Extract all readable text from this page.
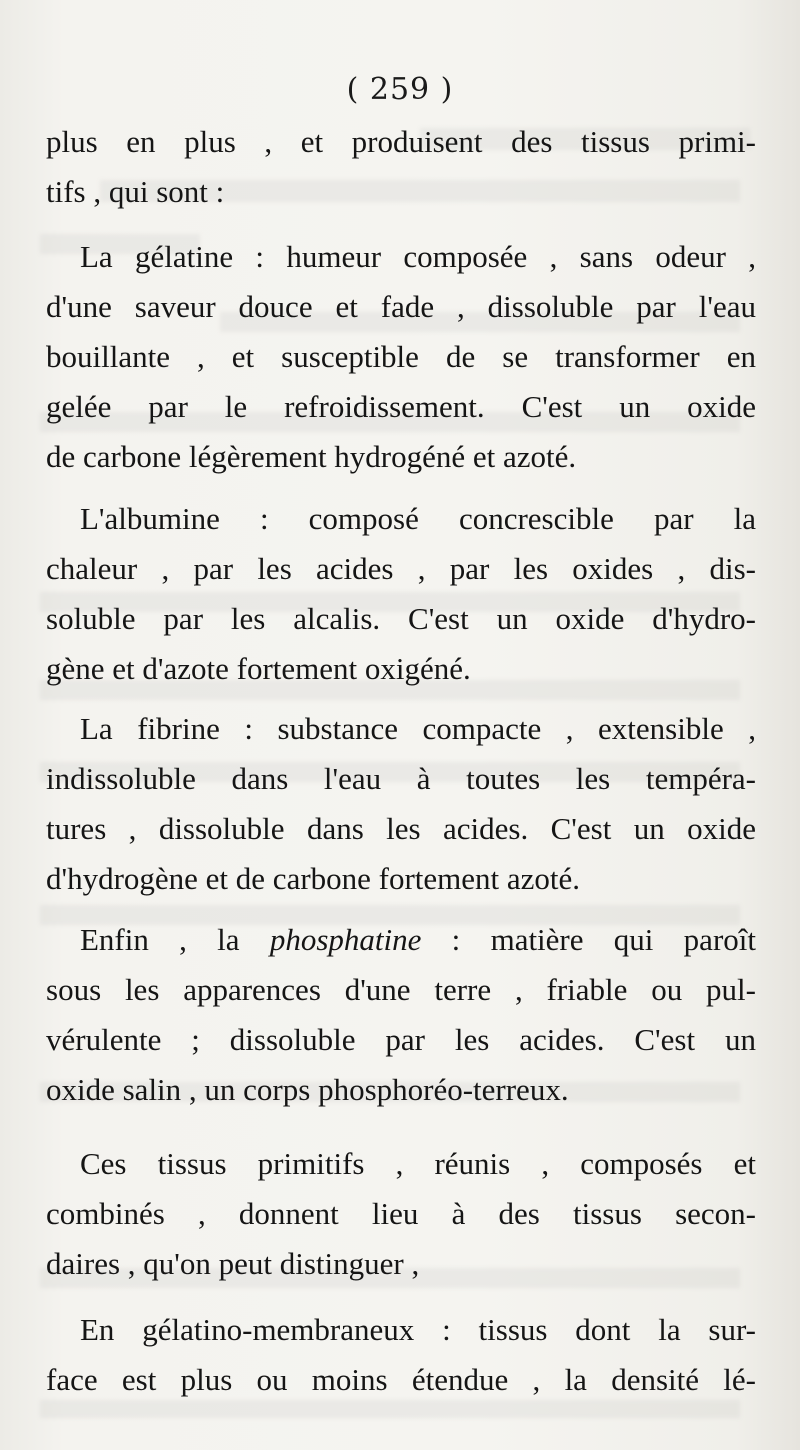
( 259 )
plus en plus , et produisent des tissus primi-
tifs , qui sont :
La gélatine : humeur composée , sans odeur ,
d'une saveur douce et fade , dissoluble par l'eau
bouillante , et susceptible de se transformer en
gelée par le refroidissement. C'est un oxide
de carbone légèrement hydrogéné et azoté.
L'albumine : composé concrescible par la
chaleur , par les acides , par les oxides , dis-
soluble par les alcalis. C'est un oxide d'hydro-
gène et d'azote fortement oxigéné.
La fibrine : substance compacte , extensible ,
indissoluble dans l'eau à toutes les tempéra-
tures , dissoluble dans les acides. C'est un oxide
d'hydrogène et de carbone fortement azoté.
Enfin , la phosphatine : matière qui paroît
sous les apparences d'une terre , friable ou pul-
vérulente ; dissoluble par les acides. C'est un
oxide salin , un corps phosphoréo-terreux.
Ces tissus primitifs , réunis , composés et
combinés , donnent lieu à des tissus secon-
daires , qu'on peut distinguer ,
En gélatino-membraneux : tissus dont la sur-
face est plus ou moins étendue , la densité lé-
